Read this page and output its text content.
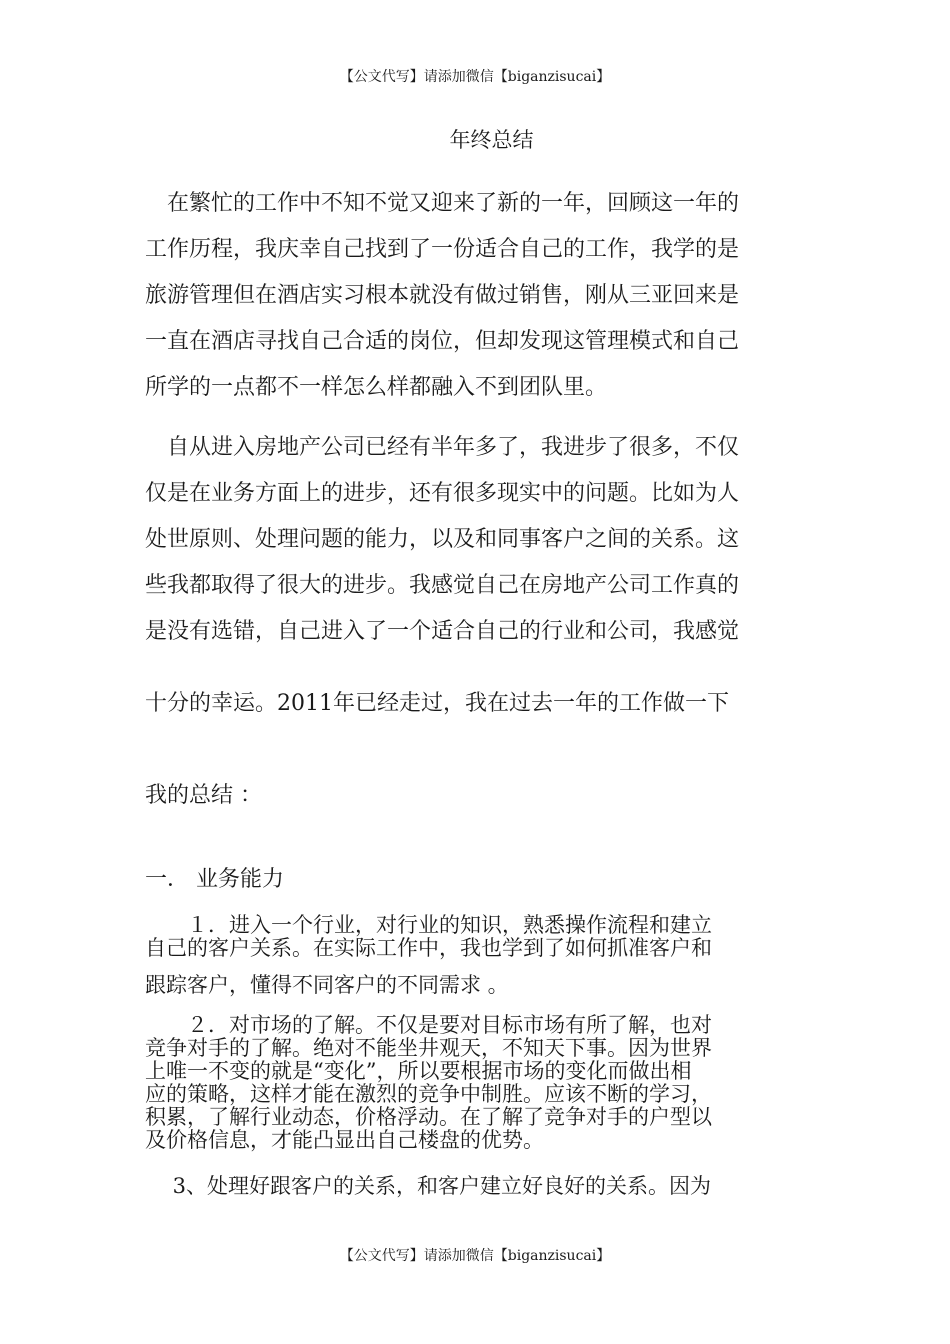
【公文代写】请添加微信【biganzisucai】
年终总结
　在繁忙的工作中不知不觉又迎来了新的一年，回顾这一年的
工作历程，我庆幸自己找到了一份适合自己的工作，我学的是
旅游管理但在酒店实习根本就没有做过销售，刚从三亚回来是
一直在酒店寻找自己合适的岗位，但却发现这管理模式和自己
所学的一点都不一样怎么样都融入不到团队里。
　自从进入房地产公司已经有半年多了，我进步了很多，不仅
仅是在业务方面上的进步，还有很多现实中的问题。比如为人
处世原则、处理问题的能力，以及和同事客户之间的关系。这
些我都取得了很大的进步。我感觉自己在房地产公司工作真的
是没有选错，自己进入了一个适合自己的行业和公司，我感觉
十分的幸运。2011年已经走过，我在过去一年的工作做一下
我的总结 ：
一． 业务能力
　　１．进入一个行业，对行业的知识，熟悉操作流程和建立
自己的客户关系。在实际工作中，我也学到了如何抓准客户和
跟踪客户，懂得不同客户的不同需求 。
　　２．对市场的了解。不仅是要对目标市场有所了解，也对
竞争对手的了解。绝对不能坐井观天，不知天下事。因为世界
上唯一不变的就是“变化”，所以要根据市场的变化而做出相
应的策略，这样才能在激烈的竞争中制胜。应该不断的学习，
积累，了解行业动态，价格浮动。在了解了竞争对手的户型以
及价格信息，才能凸显出自己楼盘的优势。
　 3、处理好跟客户的关系，和客户建立好良好的关系。因为
【公文代写】请添加微信【biganzisucai】
